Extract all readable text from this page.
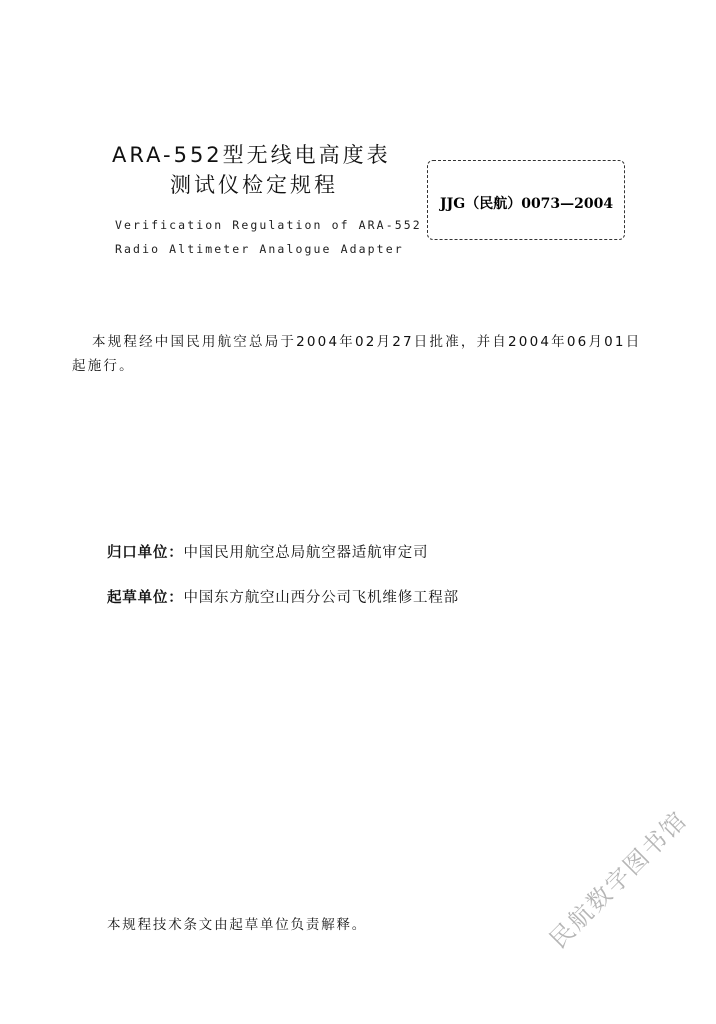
ARA-552型无线电高度表
测试仪检定规程
Verification Regulation of ARA-552
Radio Altimeter Analogue Adapter
JJG（民航）0073—2004
本规程经中国民用航空总局于2004年02月27日批准，并自2004年06月01日起施行。
归口单位：中国民用航空总局航空器适航审定司
起草单位：中国东方航空山西分公司飞机维修工程部
本规程技术条文由起草单位负责解释。	民航数字图书馆
